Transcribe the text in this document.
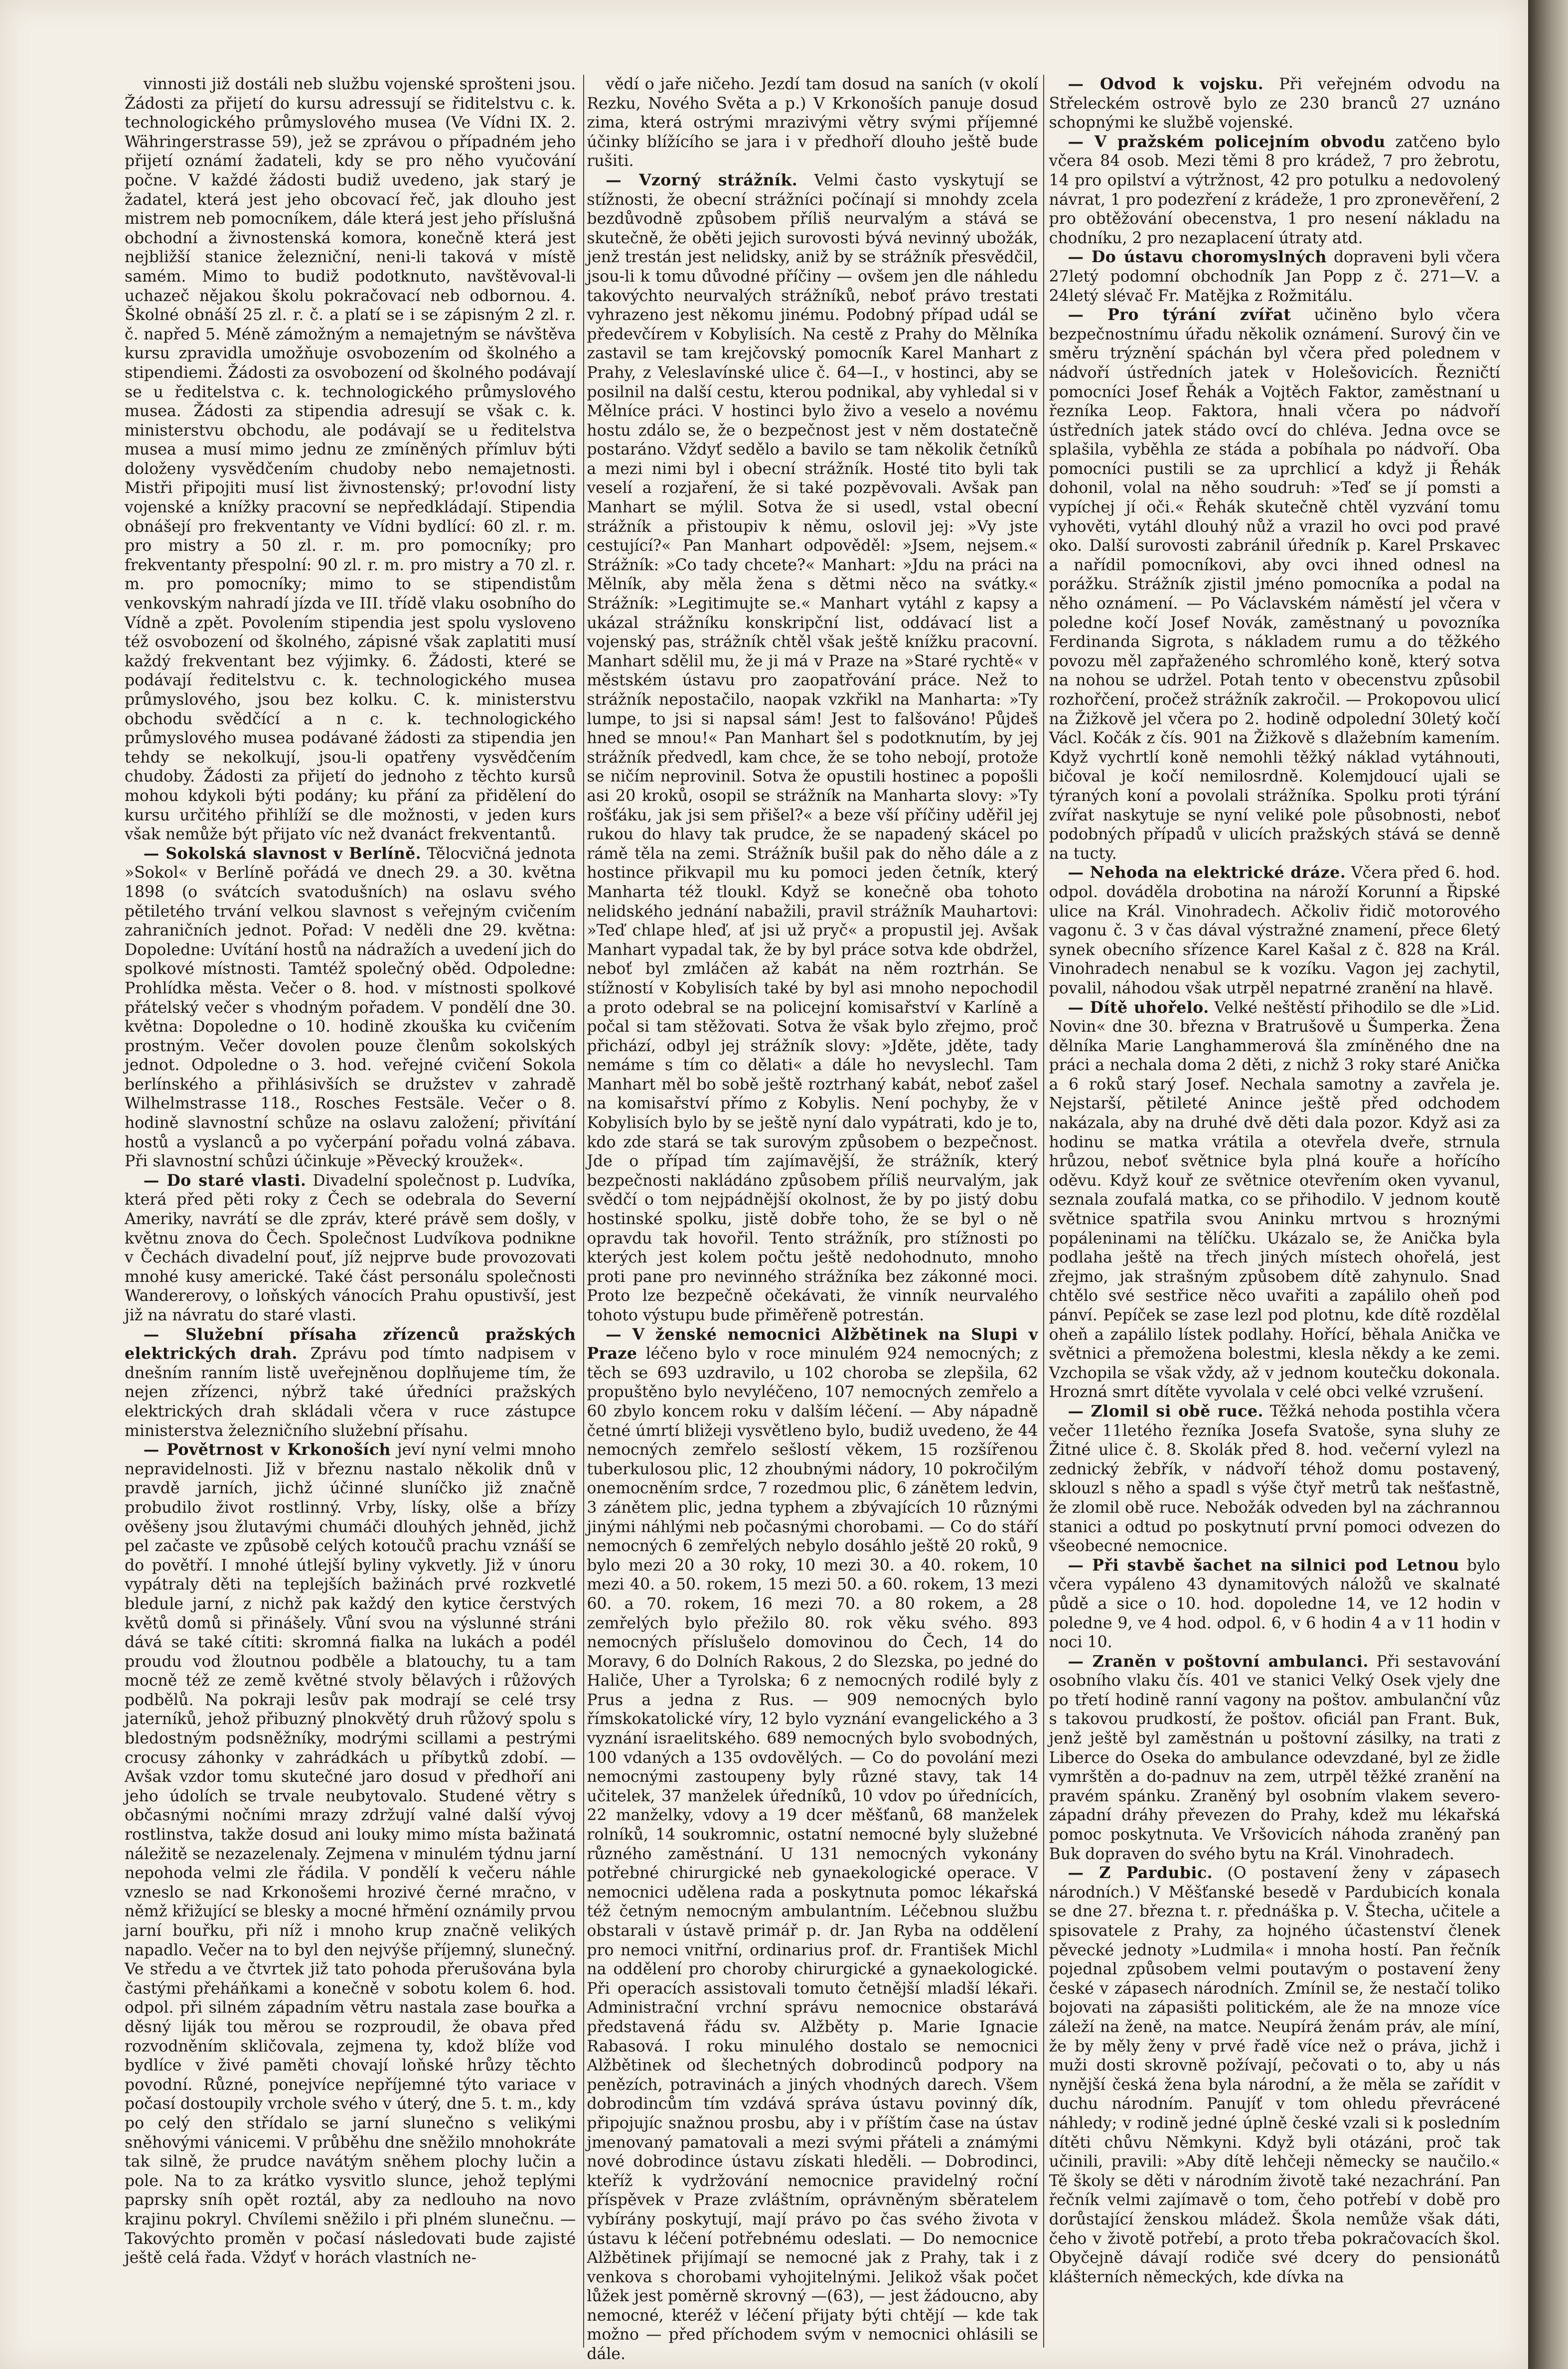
vinnosti již dostáli neb službu vojenské sprošteni jsou. Žádosti za přijetí do kursu adressují se řiditelstvu c. k. technologického průmyslového musea (Ve Vídni IX. 2. Währingerstrasse 59), jež se zprávou o případném jeho přijetí oznámí žadateli, kdy se pro něho vyučování počne. V každé žádosti budiž uvedeno, jak starý je žadatel, která jest jeho obcovací řeč, jak dlouho jest mistrem neb pomocníkem, dále která jest jeho příslušná obchodní a živnostenská komora, konečně která jest nejbližší stanice železniční, neni-li taková v místě samém. Mimo to budiž podotknuto, navštěvoval-li uchazeč nějakou školu pokračovací neb odbornou. 4. Školné obnáší 25 zl. r. č. a platí se i se zápisným 2 zl. r. č. napřed 5. Méně zámožným a nemajetným se návštěva kursu zpravidla umožňuje osvobozením od školného a stipendiemi. Žádosti za osvobození od školného podávají se u ředitelstva c. k. technologického průmyslového musea. Žádosti za stipendia adresují se však c. k. ministerstvu obchodu, ale podávají se u ředitelstva musea a musí mimo jednu ze zmíněných přímluv býti doloženy vysvědčením chudoby nebo nemajetnosti. Mistři připojiti musí list živnostenský; pr!ovodní listy vojenské a knížky pracovní se nepředkládají. Stipendia obnášejí pro frekventanty ve Vídni bydlící: 60 zl. r. m. pro mistry a 50 zl. r. m. pro pomocníky; pro frekventanty přespolní: 90 zl. r. m. pro mistry a 70 zl. r. m. pro pomocníky; mimo to se stipendistům venkovským nahradí jízda ve III. třídě vlaku osobního do Vídně a zpět. Povolením stipendia jest spolu vysloveno též osvobození od školného, zápisné však zaplatiti musí každý frekventant bez výjimky. 6. Žádosti, které se podávají ředitelstvu c. k. technologického musea průmyslového, jsou bez kolku. C. k. ministerstvu obchodu svědčící a n c. k. technologického průmyslového musea podávané žádosti za stipendia jen tehdy se nekolkují, jsou-li opatřeny vysvědčením chudoby. Žádosti za přijetí do jednoho z těchto kursů mohou kdykoli býti podány; ku přání za přidělení do kursu určitého přihlíží se dle možnosti, v jeden kurs však nemůže být přijato víc než dvanáct frekventantů.

— Sokolská slavnost v Berlíně. Tělocvičná jednota »Sokol« v Berlíně pořádá ve dnech 29. a 30. května 1898 (o svátcích svatodušních) na oslavu svého pětiletého trvání velkou slavnost s veřejným cvičením zahraničních jednot. Pořad: V neděli dne 29. května: Dopoledne: Uvítání hostů na nádražích a uvedení jich do spolkové místnosti. Tamtéž společný oběd. Odpoledne: Prohlídka města. Večer o 8. hod. v místnosti spolkové přátelský večer s vhodným pořadem. V pondělí dne 30. května: Dopoledne o 10. hodině zkouška ku cvičením prostným. Večer dovolen pouze členům sokolských jednot. Odpoledne o 3. hod. veřejné cvičení Sokola berlínského a přihlásivších se družstev v zahradě Wilhelmstrasse 118., Rosches Festsäle. Večer o 8. hodině slavnostní schůze na oslavu založení; přivítání hostů a vyslanců a po vyčerpání pořadu volná zábava. Při slavnostní schůzi účinkuje »Pěvecký kroužek«.

— Do staré vlasti. Divadelní společnost p. Ludvíka, která před pěti roky z Čech se odebrala do Severní Ameriky, navrátí se dle zpráv, které právě sem došly, v květnu znova do Čech. Společnost Ludvíkova podnikne v Čechách divadelní pouť, jíž nejprve bude provozovati mnohé kusy americké. Také část personálu společnosti Wandererovy, o loňských vánocích Prahu opustivší, jest již na návratu do staré vlasti.

— Služební přísaha zřízenců pražských elektrických drah. Zprávu pod tímto nadpisem v dnešním ranním listě uveřejněnou doplňujeme tím, že nejen zřízenci, nýbrž také úředníci pražských elektrických drah skládali včera v ruce zástupce ministerstva železničního služební přísahu.

— Povětrnost v Krkonoších jeví nyní velmi mnoho nepravidelnosti. Již v březnu nastalo několik dnů v pravdě jarních, jichž účinné sluníčko již značně probudilo život rostlinný. Vrby, lísky, olše a břízy ověšeny jsou žlutavými chumáči dlouhých jehněd, jichž pel začaste ve způsobě celých kotoučů prachu vznáší se do povětří. I mnohé útlejší byliny vykvetly. Již v únoru vypátraly děti na teplejších bažinách prvé rozkvetlé bledule jarní, z nichž pak každý den kytice čerstvých květů domů si přinášely. Vůní svou na výslunné stráni dává se také cítiti: skromná fialka na lukách a podél proudu vod žloutnou podběle a blatouchy, tu a tam mocně též ze země květné stvoly bělavých i růžových podbělů. Na pokraji lesův pak modrají se celé trsy jaterníků, jehož přibuzný plnokvětý druh růžový spolu s bledostným podsněžníky, modrými scillami a pestrými crocusy záhonky v zahrádkách u příbytků zdobí. — Avšak vzdor tomu skutečné jaro dosud v předhoří ani jeho údolích se trvale neubytovalo. Studené větry s občasnými nočními mrazy zdržují valné další vývoj rostlinstva, takže dosud ani louky mimo místa bažinatá náležitě se nezazelenaly. Zejmena v minulém týdnu jarní nepohoda velmi zle řádila. V pondělí k večeru náhle vzneslo se nad Krkonošemi hrozivé černé mračno, v němž křižující se blesky a mocné hřmění oznámily prvou jarní bouřku, při níž i mnoho krup značně velikých napadlo. Večer na to byl den nejvýše příjemný, slunečný. Ve středu a ve čtvrtek již tato pohoda přerušována byla častými přeháňkami a konečně v sobotu kolem 6. hod. odpol. při silném západním větru nastala zase bouřka a děsný liják tou měrou se rozproudil, že obava před rozvodněním skličovala, zejmena ty, kdož blíže vod bydlíce v živé paměti chovají loňské hrůzy těchto povodní. Různé, ponejvíce nepříjemné týto variace v počasí dostoupily vrchole svého v úterý, dne 5. t. m., kdy po celý den střídalo se jarní slunečno s velikými sněhovými vánicemi. V průběhu dne sněžilo mnohokráte tak silně, že prudce navátým sněhem plochy lučin a pole. Na to za krátko vysvitlo slunce, jehož teplými paprsky sníh opět roztál, aby za nedlouho na novo krajinu pokryl. Chvílemi sněžilo i při plném slunečnu. — Takovýchto proměn v počasí následovati bude zajisté ještě celá řada. Vždyť v horách vlastních ne-

vědí o jaře ničeho. Jezdí tam dosud na saních (v okolí Rezku, Nového Světa a p.) V Krkonoších panuje dosud zima, která ostrými mrazivými větry svými příjemné účinky blížícího se jara i v předhoří dlouho ještě bude rušiti.

— Vzorný strážník. Velmi často vyskytují se stížnosti, že obecní strážníci počínají si mnohdy zcela bezdůvodně způsobem příliš neurvalým a stává se skutečně, že oběti jejich surovosti bývá nevinný ubožák, jenž trestán jest nelidsky, aniž by se strážník přesvědčil, jsou-li k tomu důvodné příčiny — ovšem jen dle náhledu takovýchto neurvalých strážníků, neboť právo trestati vyhrazeno jest někomu jinému. Podobný případ udál se předevčírem v Kobylisích. Na cestě z Prahy do Mělníka zastavil se tam krejčovský pomocník Karel Manhart z Prahy, z Veleslavínské ulice č. 64—I., v hostinci, aby se posilnil na další cestu, kterou podnikal, aby vyhledal si v Mělníce práci. V hostinci bylo živo a veselo a novému hostu zdálo se, že o bezpečnost jest v něm dostatečně postaráno. Vždyť sedělo a bavilo se tam několik četníků a mezi nimi byl i obecní strážník. Hosté tito byli tak veselí a rozjaření, že si také pozpěvovali. Avšak pan Manhart se mýlil. Sotva že si usedl, vstal obecní strážník a přistoupiv k němu, oslovil jej: »Vy jste cestující?« Pan Manhart odpověděl: »Jsem, nejsem.« Strážník: »Co tady chcete?« Manhart: »Jdu na práci na Mělník, aby měla žena s dětmi něco na svátky.« Strážník: »Legitimujte se.« Manhart vytáhl z kapsy a ukázal strážníku konskripční list, oddávací list a vojenský pas, strážník chtěl však ještě knížku pracovní. Manhart sdělil mu, že ji má v Praze na »Staré rychtě« v městském ústavu pro zaopatřování práce. Než to strážník nepostačilo, naopak vzkřikl na Manharta: »Ty lumpe, to jsi si napsal sám! Jest to falšováno! Půjdeš hned se mnou!« Pan Manhart šel s podotknutím, by jej strážník předvedl, kam chce, že se toho nebojí, protože se ničím neprovinil. Sotva že opustili hostinec a popošli asi 20 kroků, osopil se strážník na Manharta slovy: »Ty rošťáku, jak jsi sem přišel?« a beze vší příčiny uděřil jej rukou do hlavy tak prudce, že se napadený skácel po rámě těla na zemi. Strážník bušil pak do něho dále a z hostince přikvapil mu ku pomoci jeden četník, který Manharta též tloukl. Když se konečně oba tohoto nelidského jednání nabažili, pravil strážník Mauhartovi: »Teď chlape hleď, ať jsi už pryč« a propustil jej. Avšak Manhart vypadal tak, že by byl práce sotva kde obdržel, neboť byl zmláčen až kabát na něm roztrhán. Se stížností v Kobylisích také by byl asi mnoho nepochodil a proto odebral se na policejní komisařství v Karlíně a počal si tam stěžovati. Sotva že však bylo zřejmo, proč přichází, odbyl jej strážník slovy: »Jděte, jděte, tady nemáme s tím co dělati« a dále ho nevyslechl. Tam Manhart měl bo sobě ještě roztrhaný kabát, neboť zašel na komisařství přímo z Kobylis. Není pochyby, že v Kobylisích bylo by se ještě nyní dalo vypátrati, kdo je to, kdo zde stará se tak surovým způsobem o bezpečnost. Jde o případ tím zajímavější, že strážník, který bezpečnosti nakládáno způsobem příliš neurvalým, jak svědčí o tom nejpádnější okolnost, že by po jistý dobu hostinské spolku, jistě dobře toho, že se byl o ně opravdu tak hovořil. Tento strážník, pro stížnosti po kterých jest kolem počtu ještě nedohodnuto, mnoho proti pane pro nevinného strážníka bez zákonné moci. Proto lze bezpečně očekávati, že vinník neurvalého tohoto výstupu bude přiměřeně potrestán.

— V ženské nemocnici Alžbětinek na Slupi v Praze léčeno bylo v roce minulém 924 nemocných; z těch se 693 uzdravilo, u 102 choroba se zlepšila, 62 propuštěno bylo nevyléčeno, 107 nemocných zemřelo a 60 zbylo koncem roku v dalším léčení. — Aby nápadně četné úmrtí bližeji vysvětleno bylo, budiž uvedeno, že 44 nemocných zemřelo sešlostí věkem, 15 rozšířenou tuberkulosou plic, 12 zhoubnými nádory, 10 pokročilým onemocněním srdce, 7 rozedmou plic, 6 zánětem ledvin, 3 zánětem plic, jedna typhem a zbývajících 10 různými jinými náhlými neb počasnými chorobami. — Co do stáří nemocných 6 zemřelých nebylo dosáhlo ještě 20 roků, 9 bylo mezi 20 a 30 roky, 10 mezi 30. a 40. rokem, 10 mezi 40. a 50. rokem, 15 mezi 50. a 60. rokem, 13 mezi 60. a 70. rokem, 16 mezi 70. a 80 rokem, a 28 zemřelých bylo přežilo 80. rok věku svého. 893 nemocných příslušelo domovinou do Čech, 14 do Moravy, 6 do Dolních Rakous, 2 do Slezska, po jedné do Haliče, Uher a Tyrolska; 6 z nemocných rodilé byly z Prus a jedna z Rus. — 909 nemocných bylo římskokatolické víry, 12 bylo vyznání evangelického a 3 vyznání israelitského. 689 nemocných bylo svobodných, 100 vdaných a 135 ovdovělých. — Co do povolání mezi nemocnými zastoupeny byly různé stavy, tak 14 učitelek, 37 manželek úředníků, 10 vdov po úřednících, 22 manželky, vdovy a 19 dcer měšťanů, 68 manželek rolníků, 14 soukromnic, ostatní nemocné byly služebné různého zaměstnání. U 131 nemocných vykonány potřebné chirurgické neb gynaekologické operace. V nemocnici udělena rada a poskytnuta pomoc lékařská též četným nemocným ambulantním. Léčebnou službu obstarali v ústavě primář p. dr. Jan Ryba na oddělení pro nemoci vnitřní, ordinarius prof. dr. František Michl na oddělení pro choroby chirurgické a gynaekologické. Při operacích assistovali tomuto četnější mladší lékaři. Administrační vrchní správu nemocnice obstarává představená řádu sv. Alžběty p. Marie Ignacie Rabasová. I roku minulého dostalo se nemocnici Alžbětinek od šlechetných dobrodinců podpory na penězích, potravinách a jiných vhodných darech. Všem dobrodincům tím vzdává správa ústavu povinný dík, připojujíc snažnou prosbu, aby i v příštím čase na ústav jmenovaný pamatovali a mezi svými přáteli a známými nové dobrodince ústavu získati hleděli. — Dobrodinci, kteříž k vydržování nemocnice pravidelný roční příspěvek v Praze zvláštním, oprávněným sběratelem vybírány poskytují, mají právo po čas svého života v ústavu k léčení potřebnému odeslati. — Do nemocnice Alžbětinek přijímají se nemocné jak z Prahy, tak i z venkova s chorobami vyhojitelnými. Jelikož však počet lůžek jest poměrně skrovný —(63), — jest žádoucno, aby nemocné, kteréž v léčení přijaty býti chtějí — kde tak možno — před příchodem svým v nemocnici ohlásili se dále.

— Odvod k vojsku. Při veřejném odvodu na Střeleckém ostrově bylo ze 230 branců 27 uznáno schopnými ke službě vojenské.

— V pražském policejním obvodu zatčeno bylo včera 84 osob. Mezi těmi 8 pro krádež, 7 pro žebrotu, 14 pro opilství a výtržnost, 42 pro potulku a nedovolený návrat, 1 pro podezření z krádeže, 1 pro zpronevěření, 2 pro obtěžování obecenstva, 1 pro nesení nákladu na chodníku, 2 pro nezaplacení útraty atd.

— Do ústavu choromyslných dopraveni byli včera 27letý podomní obchodník Jan Popp z č. 271—V. a 24letý slévač Fr. Matějka z Rožmitálu.

— Pro týrání zvířat učiněno bylo včera bezpečnostnímu úřadu několik oznámení. Surový čin ve směru trýznění spáchán byl včera před polednem v nádvoří ústředních jatek v Holešovicích. Řezničtí pomocníci Josef Řehák a Vojtěch Faktor, zaměstnaní u řezníka Leop. Faktora, hnali včera po nádvoří ústředních jatek stádo ovcí do chléva. Jedna ovce se splašila, vyběhla ze stáda a pobíhala po nádvoří. Oba pomocníci pustili se za uprchlicí a když ji Řehák dohonil, volal na něho soudruh: »Teď se jí pomsti a vypíchej jí oči.« Řehák skutečně chtěl vyzvání tomu vyhověti, vytáhl dlouhý nůž a vrazil ho ovci pod pravé oko. Další surovosti zabránil úředník p. Karel Prskavec a nařídil pomocníkovi, aby ovci ihned odnesl na porážku. Strážník zjistil jméno pomocníka a podal na něho oznámení. — Po Václavském náměstí jel včera v poledne kočí Josef Novák, zaměstnaný u povozníka Ferdinanda Sigrota, s nákladem rumu a do těžkého povozu měl zapřaženého schromlého koně, který sotva na nohou se udržel. Potah tento v obecenstvu způsobil rozhořčení, pročež strážník zakročil. — Prokopovou ulicí na Žižkově jel včera po 2. hodině odpolední 30letý kočí Václ. Kočák z čís. 901 na Žižkově s dlažebním kamením. Když vychrtlí koně nemohli těžký náklad vytáhnouti, bičoval je kočí nemilosrdně. Kolemjdoucí ujali se týraných koní a povolali strážníka. Spolku proti týrání zvířat naskytuje se nyní veliké pole působnosti, neboť podobných případů v ulicích pražských stává se denně na tucty.

— Nehoda na elektrické dráze. Včera před 6. hod. odpol. dováděla drobotina na nároží Korunní a Řipské ulice na Král. Vinohradech. Ačkoliv řidič motorového vagonu č. 3 v čas dával výstražné znamení, přece 6letý synek obecního sřízence Karel Kašal z č. 828 na Král. Vinohradech nenabul se k vozíku. Vagon jej zachytil, povalil, náhodou však utrpěl nepatrné zranění na hlavě.

— Dítě uhořelo. Velké neštěstí přihodilo se dle »Lid. Novin« dne 30. března v Bratrušově u Šumperka. Žena dělníka Marie Langhammerová šla zmíněného dne na práci a nechala doma 2 děti, z nichž 3 roky staré Anička a 6 roků starý Josef. Nechala samotny a zavřela je. Nejstarší, pětileté Anince ještě před odchodem nakázala, aby na druhé dvě děti dala pozor. Když asi za hodinu se matka vrátila a otevřela dveře, strnula hrůzou, neboť světnice byla plná kouře a hořícího oděvu. Když kouř ze světnice otevřením oken vyvanul, seznala zoufalá matka, co se přihodilo. V jednom koutě světnice spatřila svou Aninku mrtvou s hroznými popáleninami na tělíčku. Ukázalo se, že Anička byla podlaha ještě na třech jiných místech ohořelá, jest zřejmo, jak strašným způsobem dítě zahynulo. Snad chtělo své sestřice něco uvařiti a zapálilo oheň pod pánví. Pepíček se zase lezl pod plotnu, kde dítě rozdělal oheň a zapálilo lístek podlahy. Hořící, běhala Anička ve světnici a přemožena bolestmi, klesla někdy a ke zemi. Vzchopila se však vždy, až v jednom koutečku dokonala. Hrozná smrt dítěte vyvolala v celé obci velké vzrušení.

— Zlomil si obě ruce. Těžká nehoda postihla včera večer 11letého řezníka Josefa Svatoše, syna sluhy ze Žitné ulice č. 8. Skolák před 8. hod. večerní vylezl na zednický žebřík, v nádvoří téhož domu postavený, sklouzl s něho a spadl s výše čtyř metrů tak nešťastně, že zlomil obě ruce. Nebožák odveden byl na záchrannou stanici a odtud po poskytnutí první pomoci odvezen do všeobecné nemocnice.

— Při stavbě šachet na silnici pod Letnou bylo včera vypáleno 43 dynamitových náložů ve skalnaté půdě a sice o 10. hod. dopoledne 14, ve 12 hodin v poledne 9, ve 4 hod. odpol. 6, v 6 hodin 4 a v 11 hodin v noci 10.

— Zraněn v poštovní ambulanci. Při sestavování osobního vlaku čís. 401 ve stanici Velký Osek vjely dne po třetí hodině ranní vagony na poštov. ambulanční vůz s takovou prudkostí, že poštov. oficiál pan Frant. Buk, jenž ještě byl zaměstnán u poštovní zásilky, na trati z Liberce do Oseka do ambulance odevzdané, byl ze židle vymrštěn a do-padnuv na zem, utrpěl těžké zranění na pravém spánku. Zraněný byl osobním vlakem severo-západní dráhy převezen do Prahy, kdež mu lékařská pomoc poskytnuta. Ve Vršovicích náhoda zraněný pan Buk dopraven do svého bytu na Král. Vinohradech.

— Z Pardubic. (O postavení ženy v zápasech národních.) V Měšťanské besedě v Pardubicích konala se dne 27. března t. r. přednáška p. V. Štecha, učitele a spisovatele z Prahy, za hojného účastenství členek pěvecké jednoty »Ludmila« i mnoha hostí. Pan řečník pojednal způsobem velmi poutavým o postavení ženy české v zápasech národních. Zmínil se, že nestačí toliko bojovati na zápasišti politickém, ale že na mnoze více záleží na ženě, na matce. Neupírá ženám práv, ale míní, že by měly ženy v prvé řadě více než o práva, jichž i muži dosti skrovně požívají, pečovati o to, aby u nás nynější česká žena byla národní, a že měla se zařídit v duchu národním. Panujíť v tom ohledu převrácené náhledy; v rodině jedné úplně české vzali si k posledním dítěti chůvu Němkyni. Když byli otázáni, proč tak učinili, pravili: »Aby dítě lehčeji německy se naučilo.« Tě školy se děti v národním životě také nezachrání. Pan řečník velmi zajímavě o tom, čeho potřebí v době pro dorůstající ženskou mládež. Škola nemůže však dáti, čeho v životě potřebí, a proto třeba pokračovacích škol. Obyčejně dávají rodiče své dcery do pensionátů klášterních německých, kde dívka na
